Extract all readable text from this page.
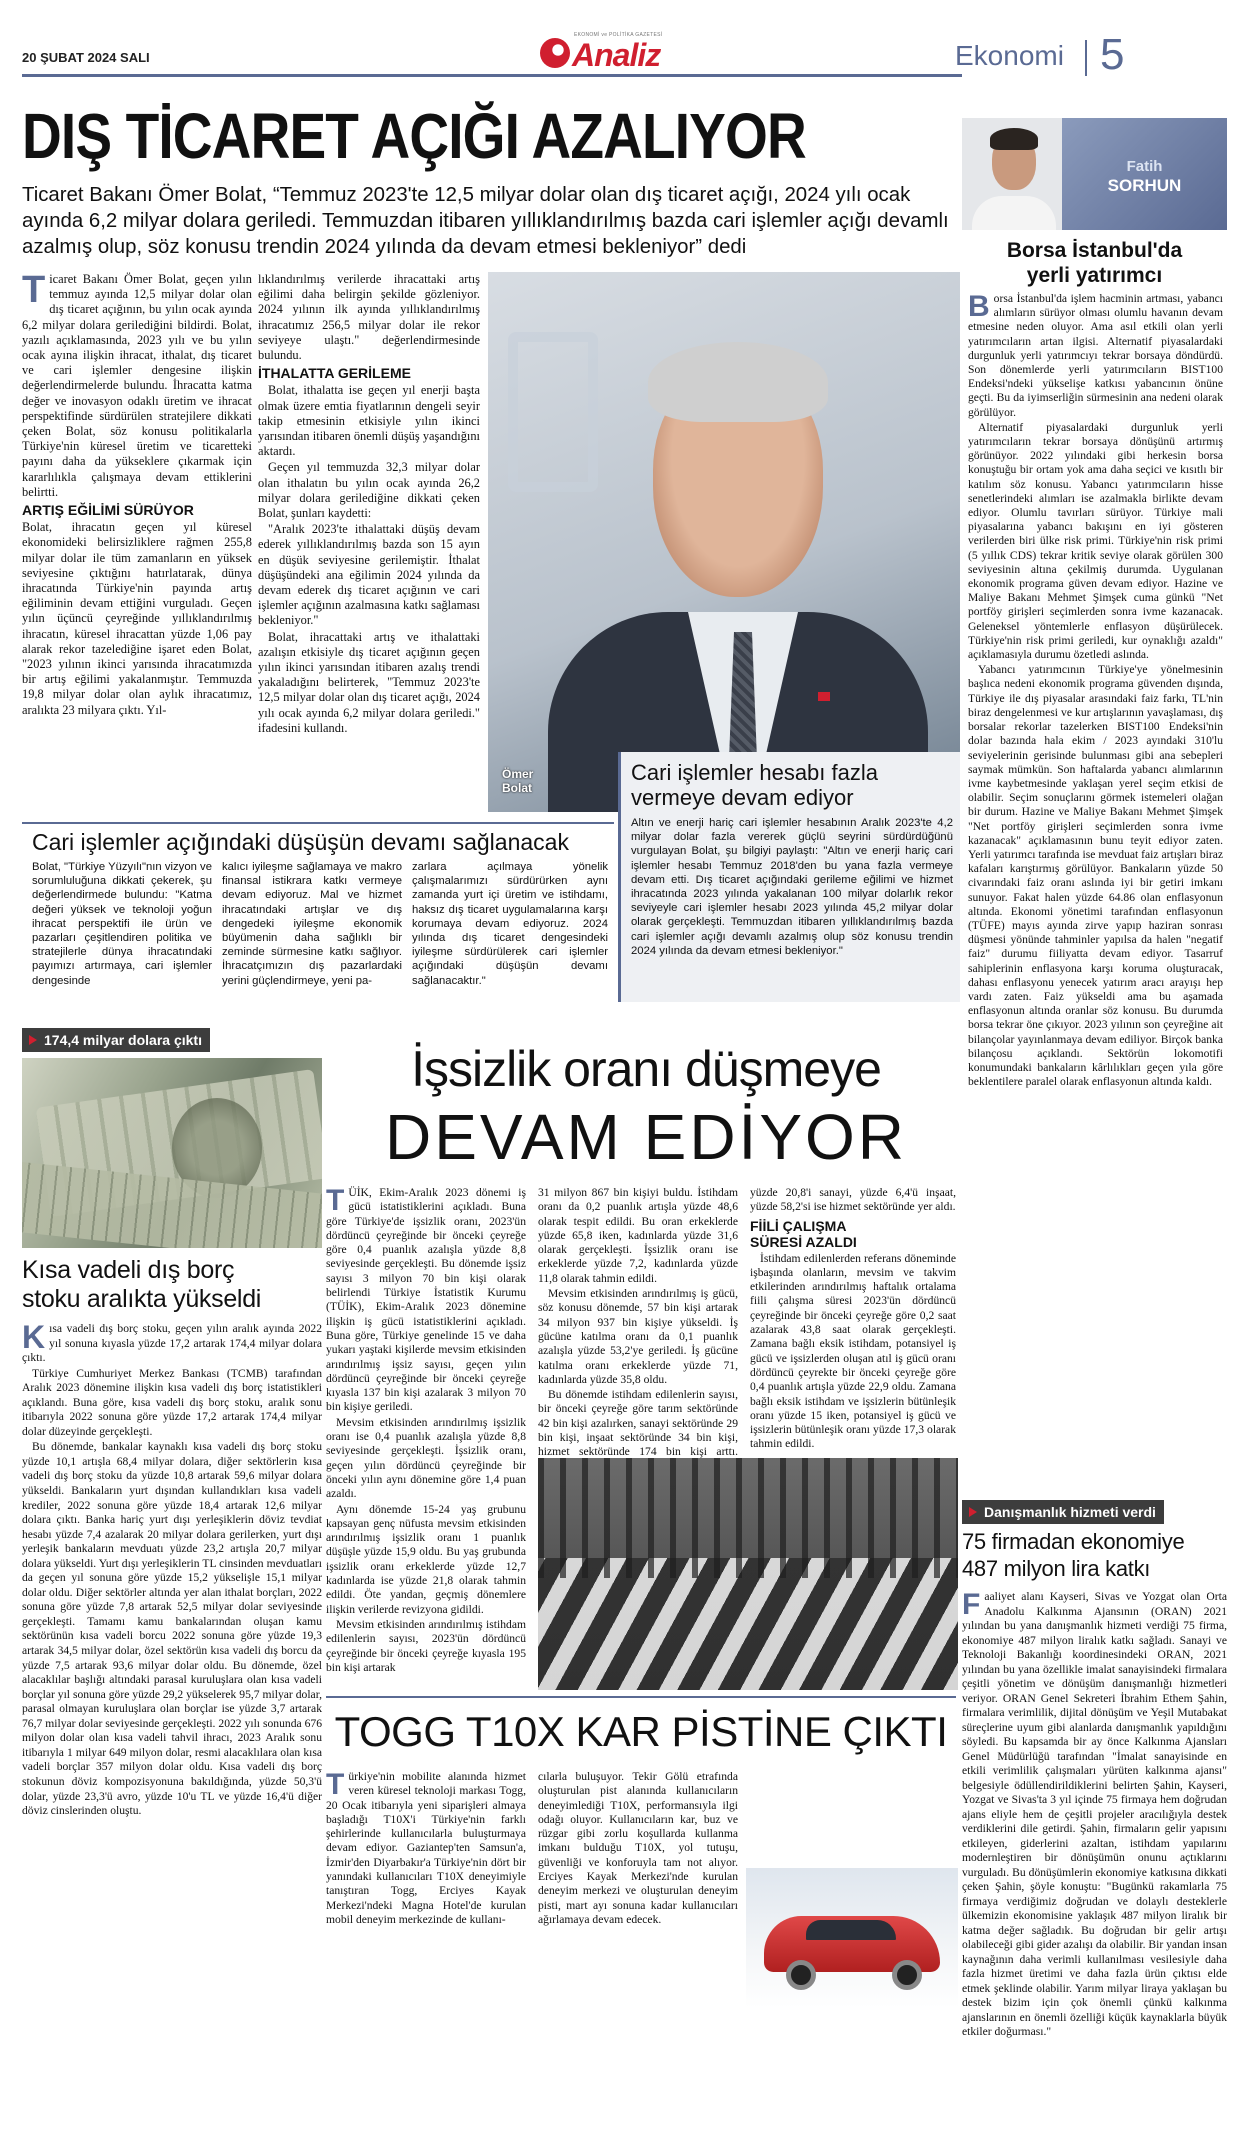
20 ŞUBAT 2024 SALI
EKONOMİ ve POLİTİKA GAZETESİ
Analiz	Ekonomi 5
DIŞ TİCARET AÇIĞI AZALIYOR
Ticaret Bakanı Ömer Bolat, “Temmuz 2023'te 12,5 milyar dolar olan dış ticaret açığı, 2024 yılı ocak ayında 6,2 milyar dolara geriledi. Temmuzdan itibaren yıllıklandırılmış bazda cari işlemler açığı devamlı azalmış olup, söz konusu trendin 2024 yılında da devam etmesi bekleniyor” dedi

Ticaret Bakanı Ömer Bolat, geçen yılın temmuz ayında 12,5 milyar dolar olan dış ticaret açığının, bu yılın ocak ayında 6,2 milyar dolara gerilediğini bildirdi. Bolat, yazılı açıklamasında, 2023 yılı ve bu yılın ocak ayına ilişkin ihracat, ithalat, dış ticaret ve cari işlemler dengesine ilişkin değerlendirmelerde bulundu. İhracatta katma değer ve inovasyon odaklı üretim ve ihracat perspektifinde sürdürülen stratejilere dikkati çeken Bolat, söz konusu politikalarla Türkiye'nin küresel üretim ve ticaretteki payını daha da yükseklere çıkarmak için kararlılıkla çalışmaya devam ettiklerini belirtti.

ARTIŞ EĞİLİMİ SÜRÜYOR

Bolat, ihracatın geçen yıl küresel ekonomideki belirsizliklere rağmen 255,8 milyar dolar ile tüm zamanların en yüksek seviyesine çıktığını hatırlatarak, dünya ihracatında Türkiye'nin payında artış eğiliminin devam ettiğini vurguladı. Geçen yılın üçüncü çeyreğinde yıllıklandırılmış ihracatın, küresel ihracattan yüzde 1,06 pay alarak rekor tazelediğine işaret eden Bolat, "2023 yılının ikinci yarısında ihracatımızda bir artış eğilimi yakalanmıştır. Temmuzda 19,8 milyar dolar olan aylık ihracatımız, aralıkta 23 milyara çıktı. Yıl-

lıklandırılmış verilerde ihracattaki artış eğilimi daha belirgin şekilde gözleniyor. 2024 yılının ilk ayında yıllıklandırılmış ihracatımız 256,5 milyar dolar ile rekor seviyeye ulaştı." değerlendirmesinde bulundu.

İTHALATTA GERİLEME

Bolat, ithalatta ise geçen yıl enerji başta olmak üzere emtia fiyatlarının dengeli seyir takip etmesinin etkisiyle yılın ikinci yarısından itibaren önemli düşüş yaşandığını aktardı.

Geçen yıl temmuzda 32,3 milyar dolar olan ithalatın bu yılın ocak ayında 26,2 milyar dolara gerilediğine dikkati çeken Bolat, şunları kaydetti:

"Aralık 2023'te ithalattaki düşüş devam ederek yıllıklandırılmış bazda son 15 ayın en düşük seviyesine gerilemiştir. İthalat düşüşündeki ana eğilimin 2024 yılında da devam ederek dış ticaret açığının ve cari işlemler açığının azalmasına katkı sağlaması bekleniyor."

Bolat, ihracattaki artış ve ithalattaki azalışın etkisiyle dış ticaret açığının geçen yılın ikinci yarısından itibaren azalış trendi yakaladığını belirterek, "Temmuz 2023'te 12,5 milyar dolar olan dış ticaret açığı, 2024 yılı ocak ayında 6,2 milyar dolara geriledi." ifadesini kullandı.

Ömer
Bolat
Cari işlemler hesabı fazla
vermeye devam ediyor
Altın ve enerji hariç cari işlemler hesabının Aralık 2023'te 4,2 milyar dolar fazla vererek güçlü seyrini sürdürdüğünü vurgulayan Bolat, şu bilgiyi paylaştı: "Altın ve enerji hariç cari işlemler hesabı Temmuz 2018'den bu yana fazla vermeye devam etti. Dış ticaret açığındaki gerileme eğilimi ve hizmet ihracatında 2023 yılında yakalanan 100 milyar dolarlık rekor seviyeyle cari işlemler hesabı 2023 yılında 45,2 milyar dolar olarak gerçekleşti. Temmuzdan itibaren yıllıklandırılmış bazda cari işlemler açığı devamlı azalmış olup söz konusu trendin 2024 yılında da devam etmesi bekleniyor."
Cari işlemler açığındaki düşüşün devamı sağlanacak
Bolat, "Türkiye Yüzyılı"nın vizyon ve sorumluluğuna dikkati çekerek, şu değerlendirmede bulundu: "Katma değeri yüksek ve teknoloji yoğun ihracat perspektifi ile ürün ve pazarları çeşitlendiren politika ve stratejilerle dünya ihracatındaki payımızı artırmaya, cari işlemler dengesinde
kalıcı iyileşme sağlamaya ve makro finansal istikrara katkı vermeye devam ediyoruz. Mal ve hizmet ihracatındaki artışlar ve dış dengedeki iyileşme ekonomik büyümenin daha sağlıklı bir zeminde sürmesine katkı sağlıyor. İhracatçımızın dış pazarlardaki yerini güçlendirmeye, yeni pa-
zarlara açılmaya yönelik çalışmalarımızı sürdürürken aynı zamanda yurt içi üretim ve istihdamı, haksız dış ticaret uygulamalarına karşı korumaya devam ediyoruz. 2024 yılında dış ticaret dengesindeki iyileşme sürdürülerek cari işlemler açığındaki düşüşün devamı sağlanacaktır."
Fatih
SORHUN
Borsa İstanbul'da
yerli yatırımcı

Borsa İstanbul'da işlem hacminin artması, yabancı alımların sürüyor olması olumlu havanın devam etmesine neden oluyor. Ama asıl etkili olan yerli yatırımcıların artan ilgisi. Alternatif piyasalardaki durgunluk yerli yatırımcıyı tekrar borsaya döndürdü. Son dönemlerde yerli yatırımcıların BIST100 Endeksi'ndeki yükselişe katkısı yabancının önüne geçti. Bu da iyimserliğin sürmesinin ana nedeni olarak görülüyor.

Alternatif piyasalardaki durgunluk yerli yatırımcıların tekrar borsaya dönüşünü artırmış görünüyor. 2022 yılındaki gibi herkesin borsa konuştuğu bir ortam yok ama daha seçici ve kısıtlı bir katılım söz konusu. Yabancı yatırımcıların hisse senetlerindeki alımları ise azalmakla birlikte devam ediyor. Olumlu tavırları sürüyor. Türkiye mali piyasalarına yabancı bakışını en iyi gösteren verilerden biri ülke risk primi. Türkiye'nin risk primi (5 yıllık CDS) tekrar kritik seviye olarak görülen 300 seviyesinin altına çekilmiş durumda. Uygulanan ekonomik programa güven devam ediyor. Hazine ve Maliye Bakanı Mehmet Şimşek cuma günkü "Net portföy girişleri seçimlerden sonra ivme kazanacak. Geleneksel yöntemlerle enflasyon düşürülecek. Türkiye'nin risk primi geriledi, kur oynaklığı azaldı" açıklamasıyla durumu özetledi aslında.

Yabancı yatırımcının Türkiye'ye yönelmesinin başlıca nedeni ekonomik programa güvenden dışında, Türkiye ile dış piyasalar arasındaki faiz farkı, TL'nin biraz dengelenmesi ve kur artışlarının yavaşlaması, dış borsalar rekorlar tazelerken BIST100 Endeksi'nin dolar bazında hala ekim / 2023 ayındaki 310'lu seviyelerinin gerisinde bulunması gibi ana sebepleri saymak mümkün. Son haftalarda yabancı alımlarının ivme kaybetmesinde yaklaşan yerel seçim etkisi de olabilir. Seçim sonuçlarını görmek istemeleri olağan bir durum. Hazine ve Maliye Bakanı Mehmet Şimşek "Net portföy girişleri seçimlerden sonra ivme kazanacak" açıklamasının bunu teyit ediyor zaten. Yerli yatırımcı tarafında ise mevduat faiz artışları biraz kafaları karıştırmış görülüyor. Bankaların yüzde 50 civarındaki faiz oranı aslında iyi bir getiri imkanı sunuyor. Fakat halen yüzde 64.86 olan enflasyonun altında. Ekonomi yönetimi tarafından enflasyonun (TÜFE) mayıs ayında zirve yapıp haziran sonrası düşmesi yönünde tahminler yapılsa da halen "negatif faiz" durumu fiiliyatta devam ediyor. Tasarruf sahiplerinin enflasyona karşı koruma oluşturacak, dahası enflasyonu yenecek yatırım aracı arayışı hep vardı zaten. Faiz yükseldi ama bu aşamada enflasyonun altında oranlar söz konusu. Bu durumda borsa tekrar öne çıkıyor. 2023 yılının son çeyreğine ait bilançolar yayınlanmaya devam ediliyor. Birçok banka bilançosu açıklandı. Sektörün lokomotifi konumundaki bankaların kârlılıkları geçen yıla göre beklentilere paralel olarak enflasyonun altında kaldı.

174,4 milyar dolara çıktı
Kısa vadeli dış borç
stoku aralıkta yükseldi

Kısa vadeli dış borç stoku, geçen yılın aralık ayında 2022 yıl sonuna kıyasla yüzde 17,2 artarak 174,4 milyar dolara çıktı.

Türkiye Cumhuriyet Merkez Bankası (TCMB) tarafından Aralık 2023 dönemine ilişkin kısa vadeli dış borç istatistikleri açıklandı. Buna göre, kısa vadeli dış borç stoku, aralık sonu itibarıyla 2022 sonuna göre yüzde 17,2 artarak 174,4 milyar dolar düzeyinde gerçekleşti.

Bu dönemde, bankalar kaynaklı kısa vadeli dış borç stoku yüzde 10,1 artışla 68,4 milyar dolara, diğer sektörlerin kısa vadeli dış borç stoku da yüzde 10,8 artarak 59,6 milyar dolara yükseldi. Bankaların yurt dışından kullandıkları kısa vadeli krediler, 2022 sonuna göre yüzde 18,4 artarak 12,6 milyar dolara çıktı. Banka hariç yurt dışı yerleşiklerin döviz tevdiat hesabı yüzde 7,4 azalarak 20 milyar dolara gerilerken, yurt dışı yerleşik bankaların mevduatı yüzde 23,2 artışla 20,7 milyar dolara yükseldi. Yurt dışı yerleşiklerin TL cinsinden mevduatları da geçen yıl sonuna göre yüzde 15,2 yükselişle 15,1 milyar dolar oldu. Diğer sektörler altında yer alan ithalat borçları, 2022 sonuna göre yüzde 7,8 artarak 52,5 milyar dolar seviyesinde gerçekleşti. Tamamı kamu bankalarından oluşan kamu sektörünün kısa vadeli borcu 2022 sonuna göre yüzde 19,3 artarak 34,5 milyar dolar, özel sektörün kısa vadeli dış borcu da yüzde 7,5 artarak 93,6 milyar dolar oldu. Bu dönemde, özel alacaklılar başlığı altındaki parasal kuruluşlara olan kısa vadeli borçlar yıl sonuna göre yüzde 29,2 yükselerek 95,7 milyar dolar, parasal olmayan kuruluşlara olan borçlar ise yüzde 3,7 artarak 76,7 milyar dolar seviyesinde gerçekleşti. 2022 yılı sonunda 676 milyon dolar olan kısa vadeli tahvil ihracı, 2023 Aralık sonu itibarıyla 1 milyar 649 milyon dolar, resmi alacaklılara olan kısa vadeli borçlar 357 milyon dolar oldu. Kısa vadeli dış borç stokunun döviz kompozisyonuna bakıldığında, yüzde 50,3'ü dolar, yüzde 23,3'ü avro, yüzde 10'u TL ve yüzde 16,4'ü diğer döviz cinslerinden oluştu.

İşsizlik oranı düşmeye
DEVAM EDİYOR

TÜİK, Ekim-Aralık 2023 dönemi iş gücü istatistiklerini açıkladı. Buna göre Türkiye'de işsizlik oranı, 2023'ün dördüncü çeyreğinde bir önceki çeyreğe göre 0,4 puanlık azalışla yüzde 8,8 seviyesinde gerçekleşti. Bu dönemde işsiz sayısı 3 milyon 70 bin kişi olarak belirlendi Türkiye İstatistik Kurumu (TÜİK), Ekim-Aralık 2023 dönemine ilişkin iş gücü istatistiklerini açıkladı. Buna göre, Türkiye genelinde 15 ve daha yukarı yaştaki kişilerde mevsim etkisinden arındırılmış işsiz sayısı, geçen yılın dördüncü çeyreğinde bir önceki çeyreğe kıyasla 137 bin kişi azalarak 3 milyon 70 bin kişiye geriledi.

Mevsim etkisinden arındırılmış işsizlik oranı ise 0,4 puanlık azalışla yüzde 8,8 seviyesinde gerçekleşti. İşsizlik oranı, geçen yılın dördüncü çeyreğinde bir önceki yılın aynı dönemine göre 1,4 puan azaldı.

Aynı dönemde 15-24 yaş grubunu kapsayan genç nüfusta mevsim etkisinden arındırılmış işsizlik oranı 1 puanlık düşüşle yüzde 15,9 oldu. Bu yaş grubunda işsizlik oranı erkeklerde yüzde 12,7 kadınlarda ise yüzde 21,8 olarak tahmin edildi. Öte yandan, geçmiş dönemlere ilişkin verilerde revizyona gidildi.

Mevsim etkisinden arındırılmış istihdam edilenlerin sayısı, 2023'ün dördüncü çeyreğinde bir önceki çeyreğe kıyasla 195 bin kişi artarak

31 milyon 867 bin kişiyi buldu. İstihdam oranı da 0,2 puanlık artışla yüzde 48,6 olarak tespit edildi. Bu oran erkeklerde yüzde 65,8 iken, kadınlarda yüzde 31,6 olarak gerçekleşti. İşsizlik oranı ise erkeklerde yüzde 7,2, kadınlarda yüzde 11,8 olarak tahmin edildi.

Mevsim etkisinden arındırılmış iş gücü, söz konusu dönemde, 57 bin kişi artarak 34 milyon 937 bin kişiye yükseldi. İş gücüne katılma oranı da 0,1 puanlık azalışla yüzde 53,2'ye geriledi. İş gücüne katılma oranı erkeklerde yüzde 71, kadınlarda yüzde 35,8 oldu.

Bu dönemde istihdam edilenlerin sayısı, bir önceki çeyreğe göre tarım sektöründe 42 bin kişi azalırken, sanayi sektöründe 29 bin kişi, inşaat sektöründe 34 bin kişi, hizmet sektöründe 174 bin kişi arttı.

yüzde 20,8'i sanayi, yüzde 6,4'ü inşaat, yüzde 58,2'si ise hizmet sektöründe yer aldı.

FİİLİ ÇALIŞMA
SÜRESİ AZALDI

İstihdam edilenlerden referans döneminde işbaşında olanların, mevsim ve takvim etkilerinden arındırılmış haftalık ortalama fiili çalışma süresi 2023'ün dördüncü çeyreğinde bir önceki çeyreğe göre 0,2 saat azalarak 43,8 saat olarak gerçekleşti. Zamana bağlı eksik istihdam, potansiyel iş gücü ve işsizlerden oluşan atıl iş gücü oranı dördüncü çeyrekte bir önceki çeyreğe göre 0,4 puanlık artışla yüzde 22,9 oldu. Zamana bağlı eksik istihdam ve işsizlerin bütünleşik oranı yüzde 15 iken, potansiyel iş gücü ve işsizlerin bütünleşik oranı yüzde 17,3 olarak tahmin edildi.

Danışmanlık hizmeti verdi
75 firmadan ekonomiye
487 milyon lira katkı

Faaliyet alanı Kayseri, Sivas ve Yozgat olan Orta Anadolu Kalkınma Ajansının (ORAN) 2021 yılından bu yana danışmanlık hizmeti verdiği 75 firma, ekonomiye 487 milyon liralık katkı sağladı. Sanayi ve Teknoloji Bakanlığı koordinesindeki ORAN, 2021 yılından bu yana özellikle imalat sanayisindeki firmalara çeşitli yönetim ve dönüşüm danışmanlığı hizmetleri veriyor. ORAN Genel Sekreteri İbrahim Ethem Şahin, firmalara verimlilik, dijital dönüşüm ve Yeşil Mutabakat süreçlerine uyum gibi alanlarda danışmanlık yapıldığını söyledi. Bu kapsamda bir ay önce Kalkınma Ajansları Genel Müdürlüğü tarafından "İmalat sanayisinde en etkili verimlilik çalışmaları yürüten kalkınma ajansı" belgesiyle ödüllendirildiklerini belirten Şahin, Kayseri, Yozgat ve Sivas'ta 3 yıl içinde 75 firmaya hem doğrudan ajans eliyle hem de çeşitli projeler aracılığıyla destek verdiklerini dile getirdi. Şahin, firmaların gelir yapısını etkileyen, giderlerini azaltan, istihdam yapılarını modernleştiren bir dönüşümün onunu açtıklarını vurguladı. Bu dönüşümlerin ekonomiye katkısına dikkati çeken Şahin, şöyle konuştu: "Bugünkü rakamlarla 75 firmaya verdiğimiz doğrudan ve dolaylı desteklerle ülkemizin ekonomisine yaklaşık 487 milyon liralık bir katma değer sağladık. Bu doğrudan bir gelir artışı olabileceği gibi gider azalışı da olabilir. Bir yandan insan kaynağının daha verimli kullanılması vesilesiyle daha fazla hizmet üretimi ve daha fazla ürün çıktısı elde etmek şeklinde olabilir. Yarım milyar liraya yaklaşan bu destek bizim için çok önemli çünkü kalkınma ajanslarının en önemli özelliği küçük kaynaklarla büyük etkiler doğurması."

TOGG T10X KAR PİSTİNE ÇIKTI

Türkiye'nin mobilite alanında hizmet veren küresel teknoloji markası Togg, 20 Ocak itibarıyla yeni siparişleri almaya başladığı T10X'i Türkiye'nin farklı şehirlerinde kullanıcılarla buluşturmaya devam ediyor. Gaziantep'ten Samsun'a, İzmir'den Diyarbakır'a Türkiye'nin dört bir yanındaki kullanıcıları T10X deneyimiyle tanıştıran Togg, Erciyes Kayak Merkezi'ndeki Magna Hotel'de kurulan mobil deneyim merkezinde de kullanı-

cılarla buluşuyor. Tekir Gölü etrafında oluşturulan pist alanında kullanıcıların deneyimlediği T10X, performansıyla ilgi odağı oluyor. Kullanıcıların kar, buz ve rüzgar gibi zorlu koşullarda kullanma imkanı bulduğu T10X, yol tutuşu, güvenliği ve konforuyla tam not alıyor. Erciyes Kayak Merkezi'nde kurulan deneyim merkezi ve oluşturulan deneyim pisti, mart ayı sonuna kadar kullanıcıları ağırlamaya devam edecek.
